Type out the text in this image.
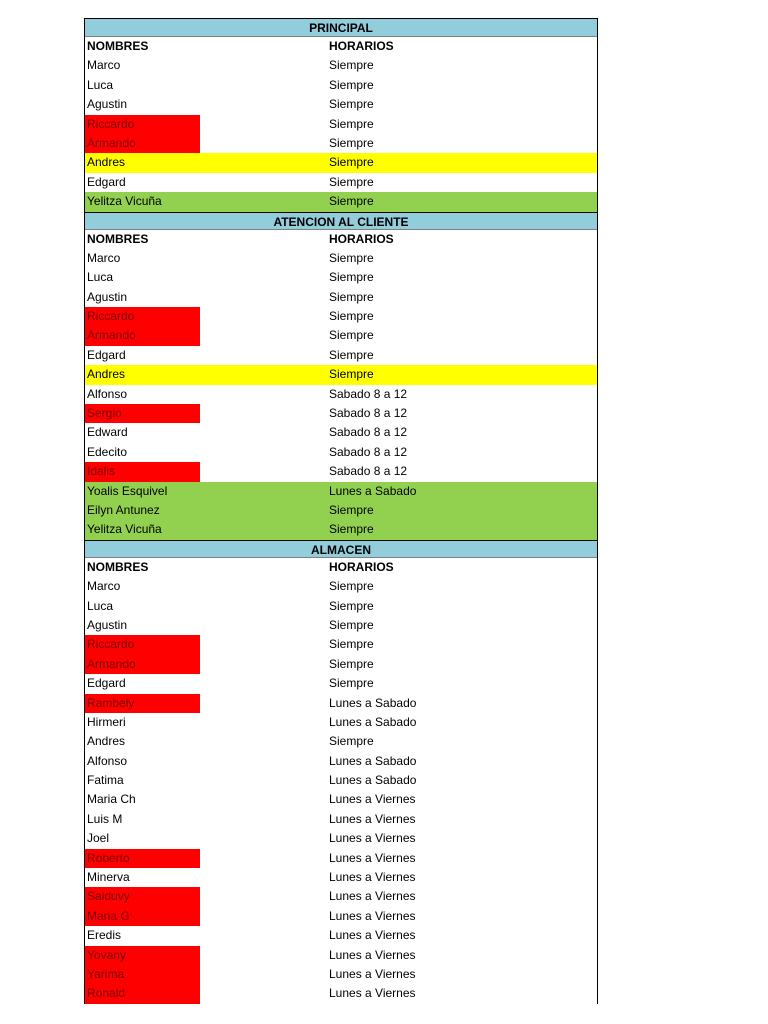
PRINCIPAL
NOMBRES	HORARIOS
Marco	Siempre
Luca	Siempre
Agustin	Siempre
Riccardo	Siempre
Armando	Siempre
Andres	Siempre
Edgard	Siempre
Yelitza Vicuña	Siempre
ATENCION AL CLIENTE
NOMBRES	HORARIOS
Marco	Siempre
Luca	Siempre
Agustin	Siempre
Riccardo	Siempre
Armando	Siempre
Edgard	Siempre
Andres	Siempre
Alfonso	Sabado 8 a 12
Sergio	Sabado 8 a 12
Edward	Sabado 8 a 12
Edecito	Sabado 8 a 12
Idalis	Sabado 8 a 12
Yoalis Esquivel	Lunes a Sabado
Eilyn Antunez	Siempre
Yelitza Vicuña	Siempre
ALMACEN
NOMBRES	HORARIOS
Marco	Siempre
Luca	Siempre
Agustin	Siempre
Riccardo	Siempre
Armando	Siempre
Edgard	Siempre
Rambely	Lunes a Sabado
Hirmeri	Lunes a Sabado
Andres	Siempre
Alfonso	Lunes a Sabado
Fatima	Lunes a Sabado
Maria Ch	Lunes a Viernes
Luis M	Lunes a Viernes
Joel	Lunes a Viernes
Roberto	Lunes a Viernes
Minerva	Lunes a Viernes
Saiduvy	Lunes a Viernes
Maria G	Lunes a Viernes
Eredis	Lunes a Viernes
Yovany	Lunes a Viernes
Yarima	Lunes a Viernes
Ronald	Lunes a Viernes
